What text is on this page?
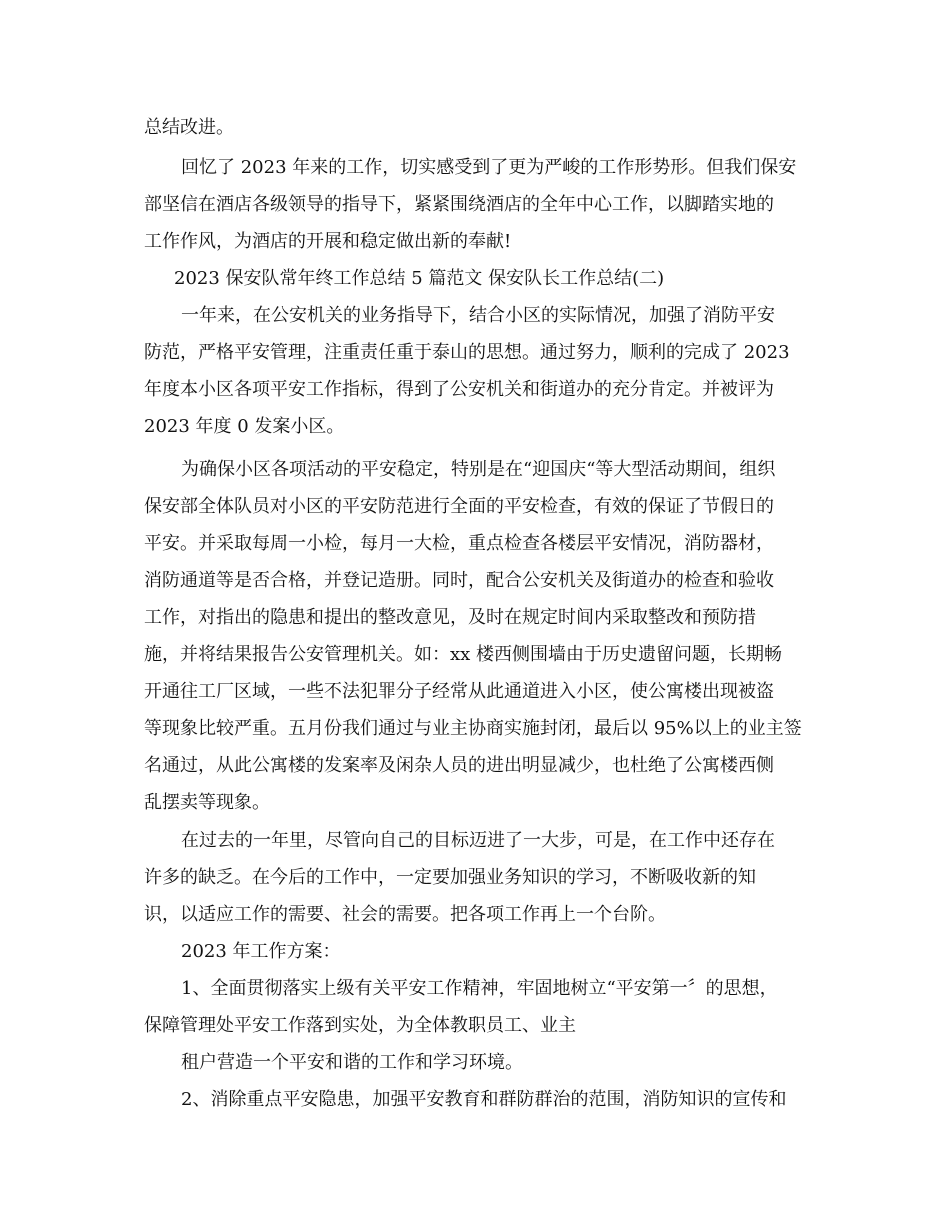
总结改进。
回忆了 2023 年来的工作，切实感受到了更为严峻的工作形势形。但我们保安
部坚信在酒店各级领导的指导下，紧紧围绕酒店的全年中心工作，以脚踏实地的
工作作风，为酒店的开展和稳定做出新的奉献!
2023 保安队常年终工作总结 5 篇范文 保安队长工作总结(二)
一年来，在公安机关的业务指导下，结合小区的实际情况，加强了消防平安
防范，严格平安管理，注重责任重于泰山的思想。通过努力，顺利的完成了 2023
年度本小区各项平安工作指标，得到了公安机关和街道办的充分肯定。并被评为
2023 年度 0 发案小区。
为确保小区各项活动的平安稳定，特别是在“迎国庆“等大型活动期间，组织
保安部全体队员对小区的平安防范进行全面的平安检查，有效的保证了节假日的
平安。并采取每周一小检，每月一大检，重点检查各楼层平安情况，消防器材，
消防通道等是否合格，并登记造册。同时，配合公安机关及街道办的检查和验收
工作，对指出的隐患和提出的整改意见，及时在规定时间内采取整改和预防措
施，并将结果报告公安管理机关。如：xx 楼西侧围墙由于历史遗留问题，长期畅
开通往工厂区域，一些不法犯罪分子经常从此通道进入小区，使公寓楼出现被盗
等现象比较严重。五月份我们通过与业主协商实施封闭，最后以 95%以上的业主签
名通过，从此公寓楼的发案率及闲杂人员的进出明显减少，也杜绝了公寓楼西侧
乱摆卖等现象。
在过去的一年里，尽管向自己的目标迈进了一大步，可是，在工作中还存在
许多的缺乏。在今后的工作中，一定要加强业务知识的学习，不断吸收新的知
识，以适应工作的需要、社会的需要。把各项工作再上一个台阶。
2023 年工作方案：
1、全面贯彻落实上级有关平安工作精神，牢固地树立“平安第一〞的思想，
保障管理处平安工作落到实处，为全体教职员工、业主
租户营造一个平安和谐的工作和学习环境。
2、消除重点平安隐患，加强平安教育和群防群治的范围，消防知识的宣传和
